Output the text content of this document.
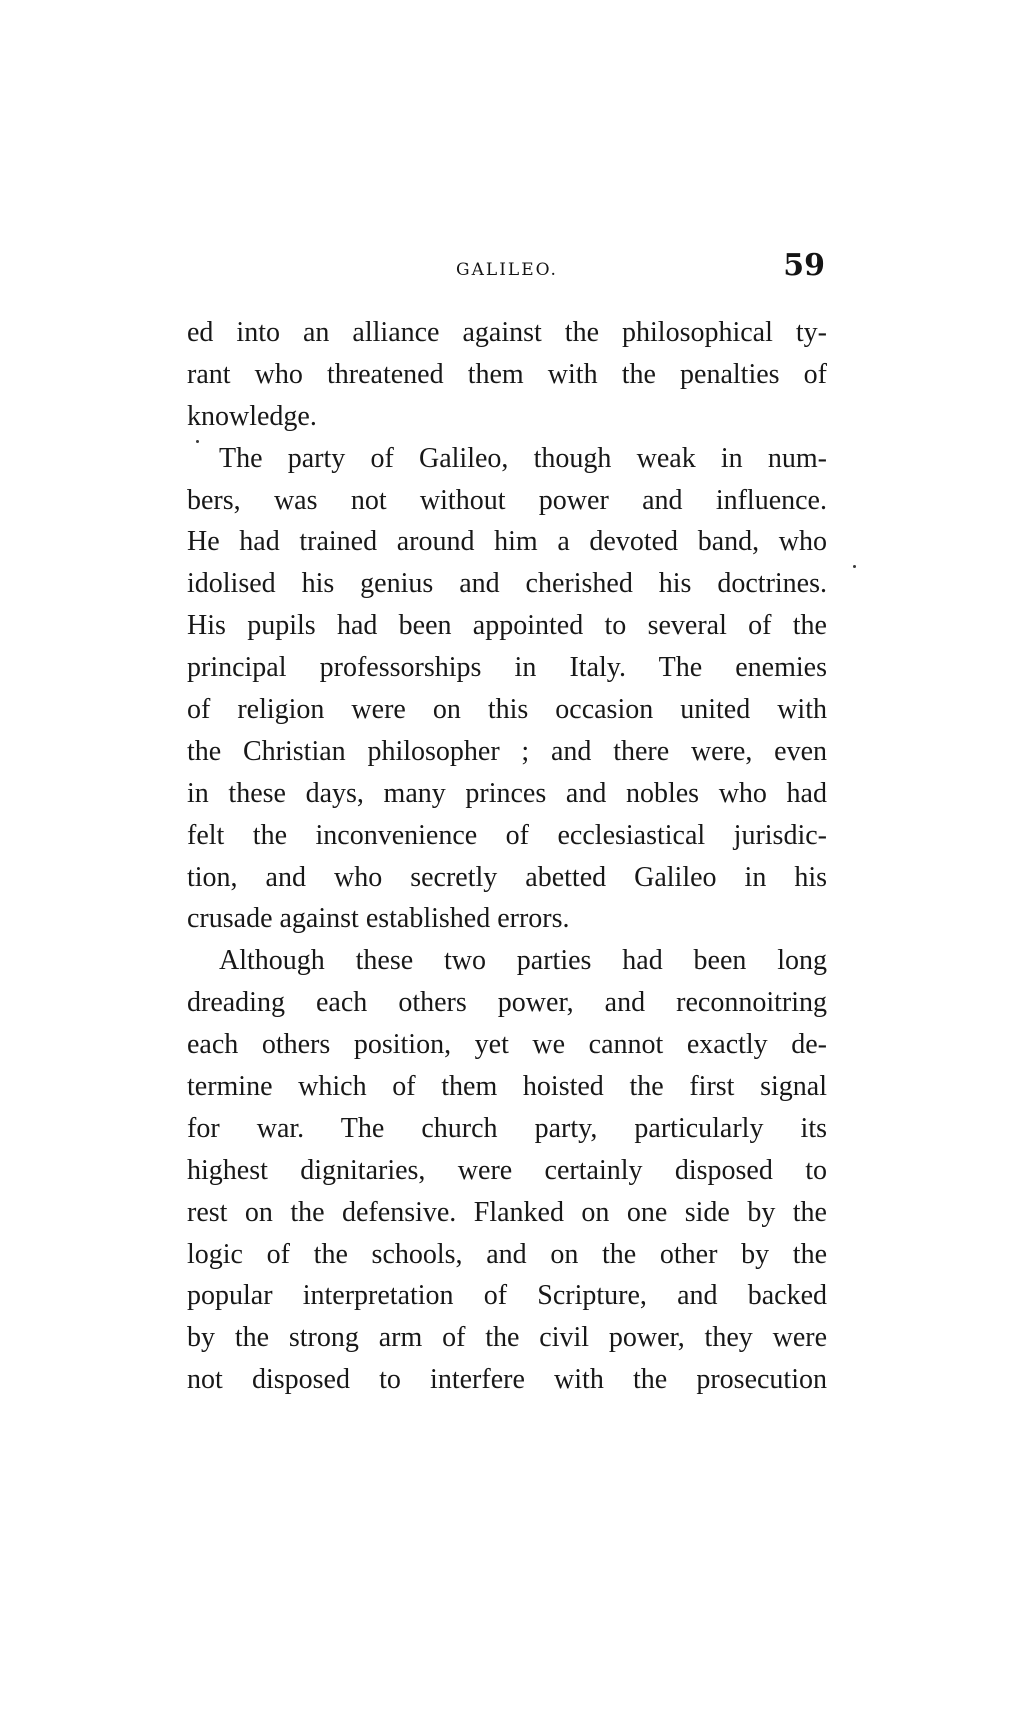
GALILEO.	59
ed into an alliance against the philosophical ty-
rant who threatened them with the penalties of
knowledge.
The party of Galileo, though weak in num-
bers, was not without power and influence.
He had trained around him a devoted band, who
idolised his genius and cherished his doctrines.
His pupils had been appointed to several of the
principal professorships in Italy. The enemies
of religion were on this occasion united with
the Christian philosopher ; and there were, even
in these days, many princes and nobles who had
felt the inconvenience of ecclesiastical jurisdic-
tion, and who secretly abetted Galileo in his
crusade against established errors.
Although these two parties had been long
dreading each others power, and reconnoitring
each others position, yet we cannot exactly de-
termine which of them hoisted the first signal
for war. The church party, particularly its
highest dignitaries, were certainly disposed to
rest on the defensive. Flanked on one side by the
logic of the schools, and on the other by the
popular interpretation of Scripture, and backed
by the strong arm of the civil power, they were
not disposed to interfere with the prosecution
